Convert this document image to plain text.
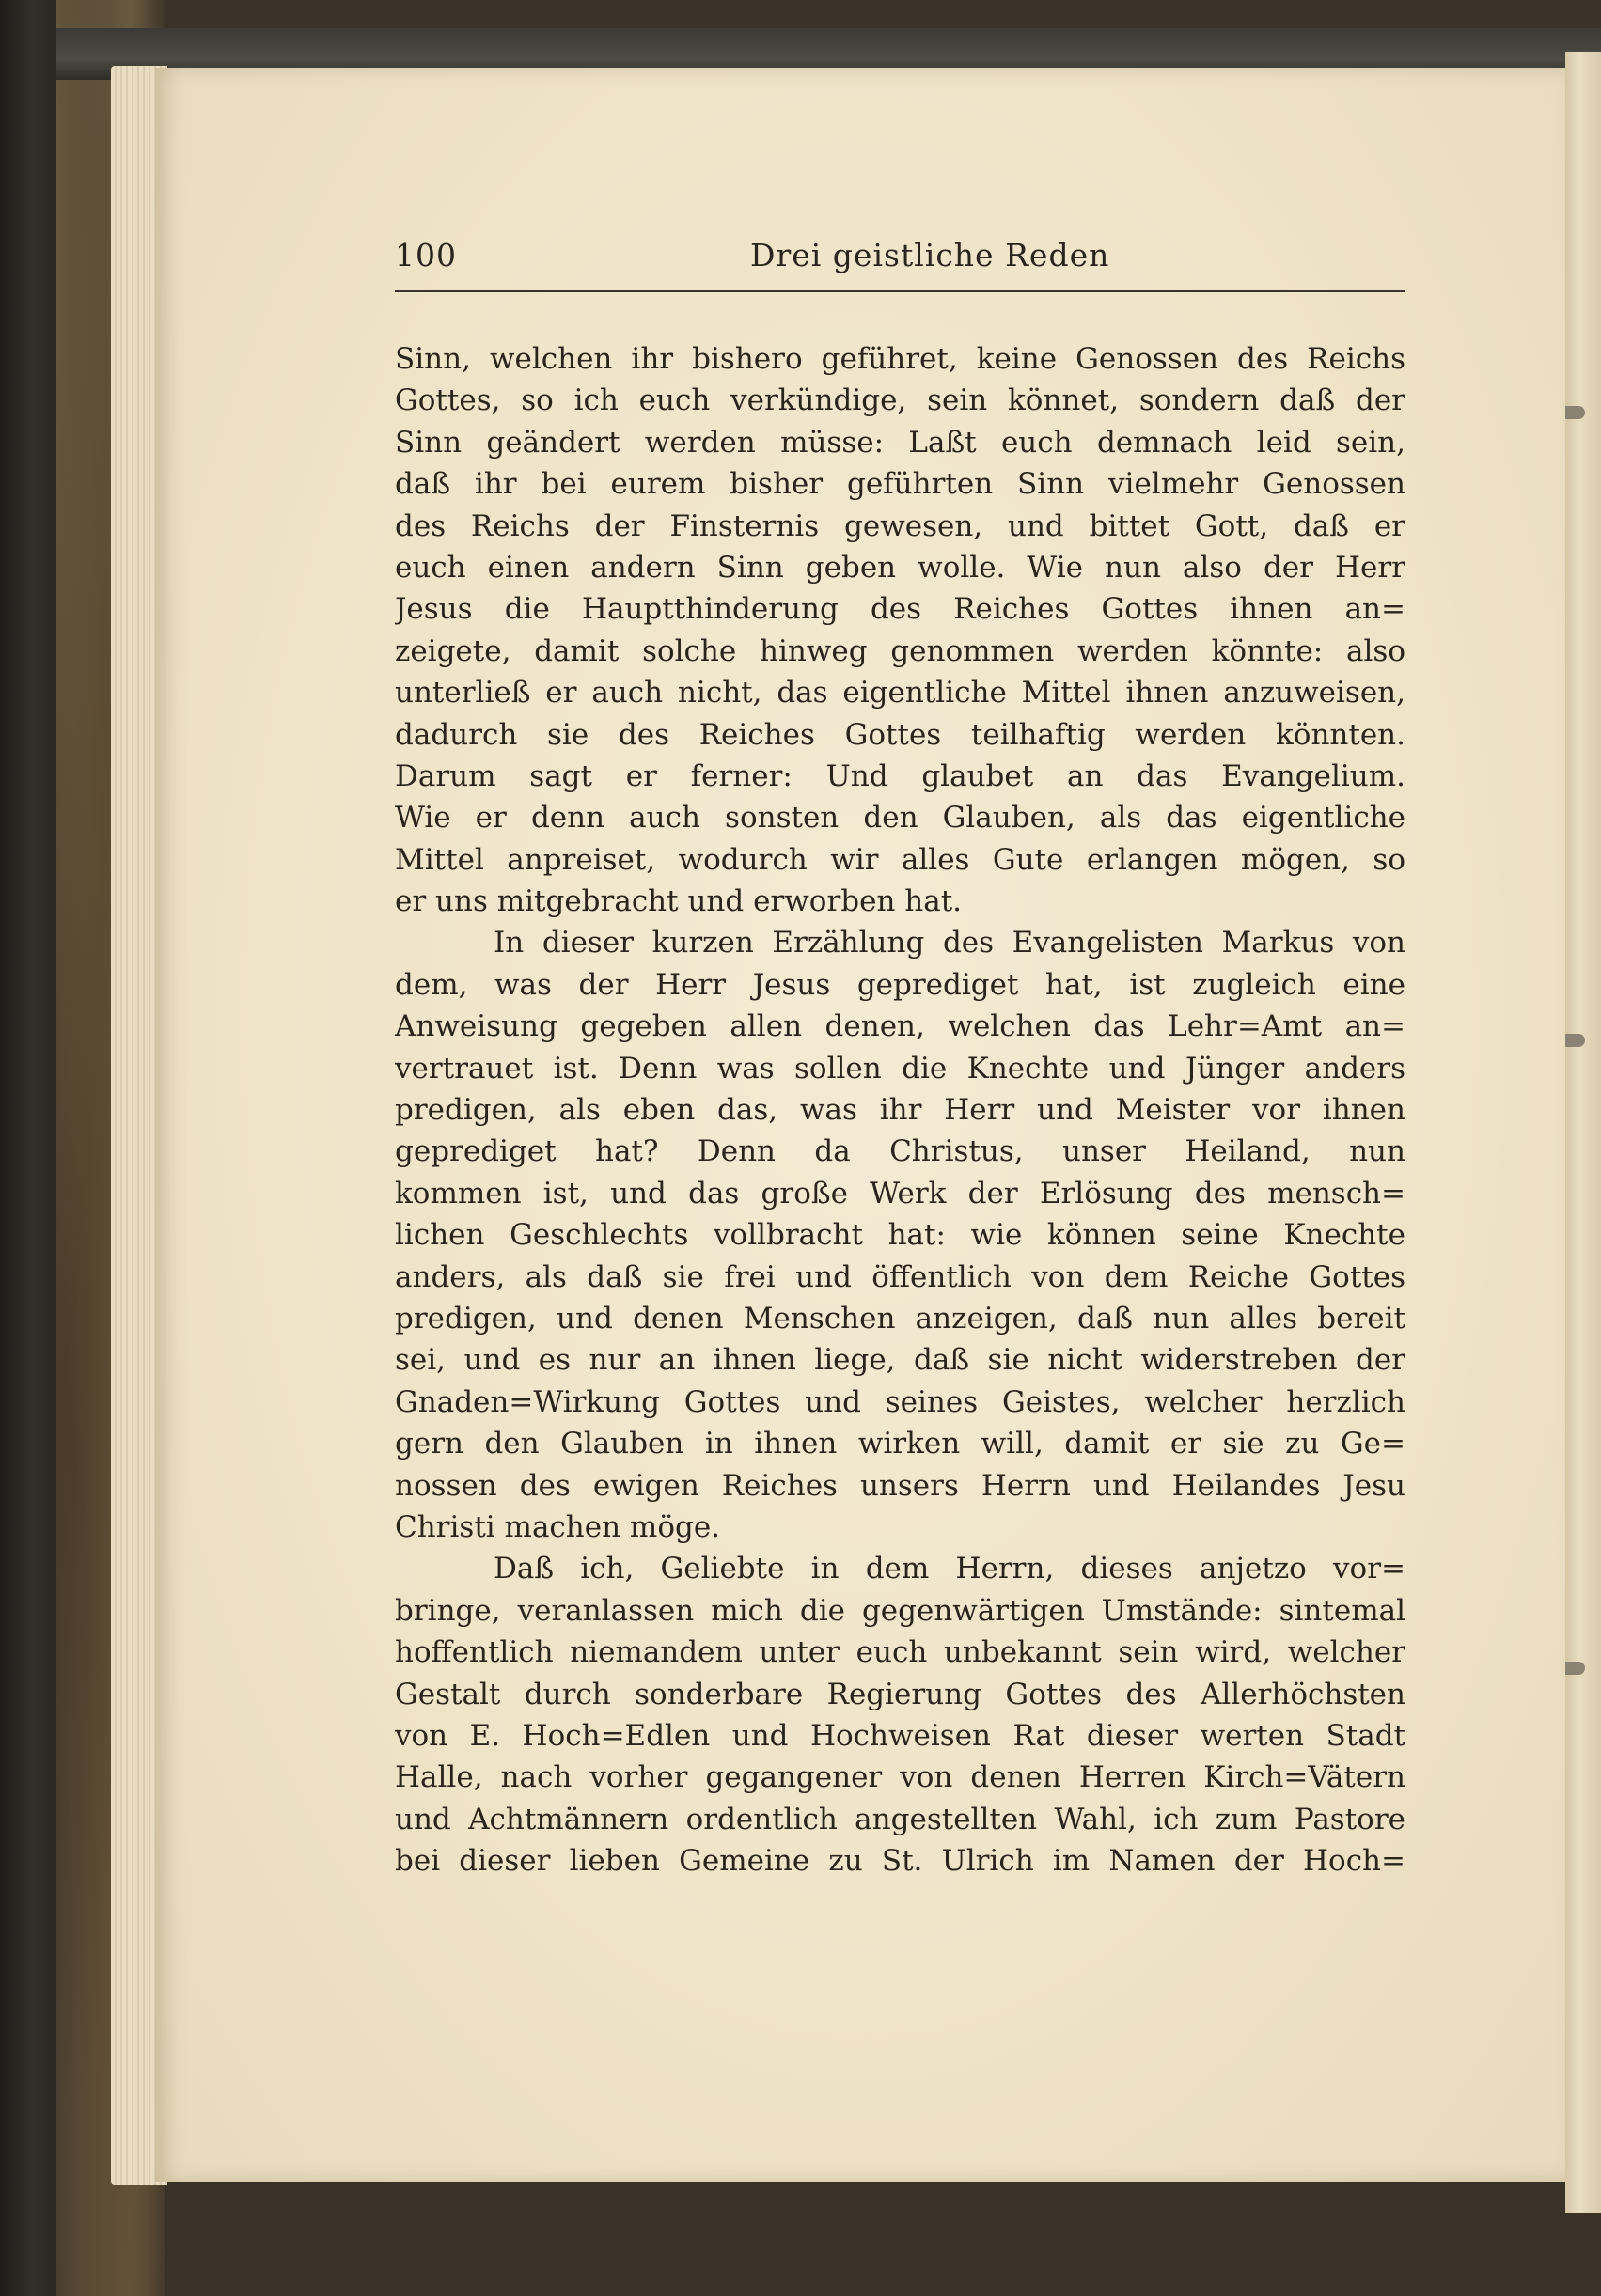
100	Drei geistliche Reden
Sinn, welchen ihr bishero geführet, keine Genossen des Reichs
Gottes, so ich euch verkündige, sein könnet, sondern daß der
Sinn geändert werden müsse: Laßt euch demnach leid sein,
daß ihr bei eurem bisher geführten Sinn vielmehr Genossen
des Reichs der Finsternis gewesen, und bittet Gott, daß er
euch einen andern Sinn geben wolle. Wie nun also der Herr
Jesus die Hauptthinderung des Reiches Gottes ihnen an=
zeigete, damit solche hinweg genommen werden könnte: also
unterließ er auch nicht, das eigentliche Mittel ihnen anzuweisen,
dadurch sie des Reiches Gottes teilhaftig werden könnten.
Darum sagt er ferner: Und glaubet an das Evangelium.
Wie er denn auch sonsten den Glauben, als das eigentliche
Mittel anpreiset, wodurch wir alles Gute erlangen mögen, so
er uns mitgebracht und erworben hat.
In dieser kurzen Erzählung des Evangelisten Markus von
dem, was der Herr Jesus geprediget hat, ist zugleich eine
Anweisung gegeben allen denen, welchen das Lehr=Amt an=
vertrauet ist. Denn was sollen die Knechte und Jünger anders
predigen, als eben das, was ihr Herr und Meister vor ihnen
geprediget hat? Denn da Christus, unser Heiland, nun
kommen ist, und das große Werk der Erlösung des mensch=
lichen Geschlechts vollbracht hat: wie können seine Knechte
anders, als daß sie frei und öffentlich von dem Reiche Gottes
predigen, und denen Menschen anzeigen, daß nun alles bereit
sei, und es nur an ihnen liege, daß sie nicht widerstreben der
Gnaden=Wirkung Gottes und seines Geistes, welcher herzlich
gern den Glauben in ihnen wirken will, damit er sie zu Ge=
nossen des ewigen Reiches unsers Herrn und Heilandes Jesu
Christi machen möge.
Daß ich, Geliebte in dem Herrn, dieses anjetzo vor=
bringe, veranlassen mich die gegenwärtigen Umstände: sintemal
hoffentlich niemandem unter euch unbekannt sein wird, welcher
Gestalt durch sonderbare Regierung Gottes des Allerhöchsten
von E. Hoch=Edlen und Hochweisen Rat dieser werten Stadt
Halle, nach vorher gegangener von denen Herren Kirch=Vätern
und Achtmännern ordentlich angestellten Wahl, ich zum Pastore
bei dieser lieben Gemeine zu St. Ulrich im Namen der Hoch=
